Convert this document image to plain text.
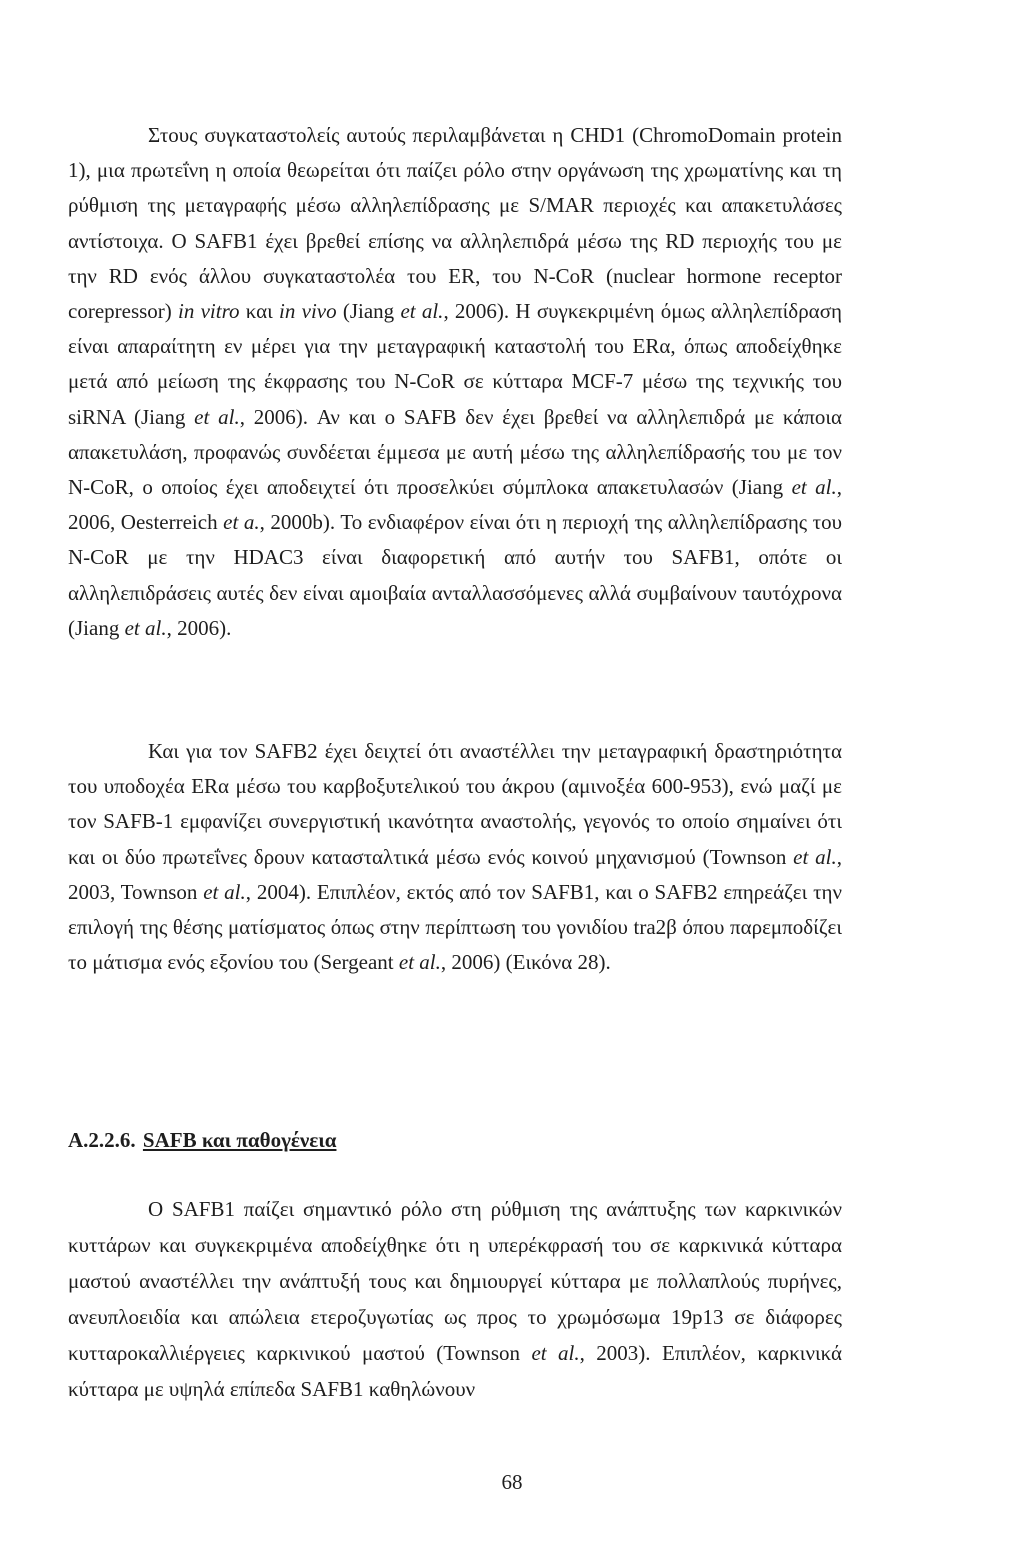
Στους συγκαταστολείς αυτούς περιλαμβάνεται η CHD1 (ChromoDomain protein 1), μια πρωτεΐνη η οποία θεωρείται ότι παίζει ρόλο στην οργάνωση της χρωματίνης και τη ρύθμιση της μεταγραφής μέσω αλληλεπίδρασης με S/MAR περιοχές και απακετυλάσες αντίστοιχα. Ο SAFB1 έχει βρεθεί επίσης να αλληλεπιδρά μέσω της RD περιοχής του με την RD ενός άλλου συγκαταστολέα του ER, του N-CoR (nuclear hormone receptor corepressor) in vitro και in vivo (Jiang et al., 2006). Η συγκεκριμένη όμως αλληλεπίδραση είναι απαραίτητη εν μέρει για την μεταγραφική καταστολή του ERα, όπως αποδείχθηκε μετά από μείωση της έκφρασης του N-CoR σε κύτταρα MCF-7 μέσω της τεχνικής του siRNA (Jiang et al., 2006). Αν και ο SAFB δεν έχει βρεθεί να αλληλεπιδρά με κάποια απακετυλάση, προφανώς συνδέεται έμμεσα με αυτή μέσω της αλληλεπίδρασής του με τον N-CoR, ο οποίος έχει αποδειχτεί ότι προσελκύει σύμπλοκα απακετυλασών (Jiang et al., 2006, Oesterreich et a., 2000b). Το ενδιαφέρον είναι ότι η περιοχή της αλληλεπίδρασης του N-CoR με την HDAC3 είναι διαφορετική από αυτήν του SAFB1, οπότε οι αλληλεπιδράσεις αυτές δεν είναι αμοιβαία ανταλλασσόμενες αλλά συμβαίνουν ταυτόχρονα (Jiang et al., 2006).

Και για τον SAFB2 έχει δειχτεί ότι αναστέλλει την μεταγραφική δραστηριότητα του υποδοχέα ERα μέσω του καρβοξυτελικού του άκρου (αμινοξέα 600-953), ενώ μαζί με τον SAFB-1 εμφανίζει συνεργιστική ικανότητα αναστολής, γεγονός το οποίο σημαίνει ότι και οι δύο πρωτεΐνες δρουν κατασταλτικά μέσω ενός κοινού μηχανισμού (Townson et al., 2003, Townson et al., 2004). Επιπλέον, εκτός από τον SAFB1, και ο SAFB2 επηρεάζει την επιλογή της θέσης ματίσματος όπως στην περίπτωση του γονιδίου tra2β όπου παρεμποδίζει το μάτισμα ενός εξονίου του (Sergeant et al., 2006) (Εικόνα 28).

A.2.2.6. SAFB και παθογένεια

Ο SAFB1 παίζει σημαντικό ρόλο στη ρύθμιση της ανάπτυξης των καρκινικών κυττάρων και συγκεκριμένα αποδείχθηκε ότι η υπερέκφρασή του σε καρκινικά κύτταρα μαστού αναστέλλει την ανάπτυξή τους και δημιουργεί κύτταρα με πολλαπλούς πυρήνες, ανευπλοειδία και απώλεια ετεροζυγωτίας ως προς το χρωμόσωμα 19p13 σε διάφορες κυτταροκαλλιέργειες καρκινικού μαστού (Townson et al., 2003). Επιπλέον, καρκινικά κύτταρα με υψηλά επίπεδα SAFB1 καθηλώνουν

68
